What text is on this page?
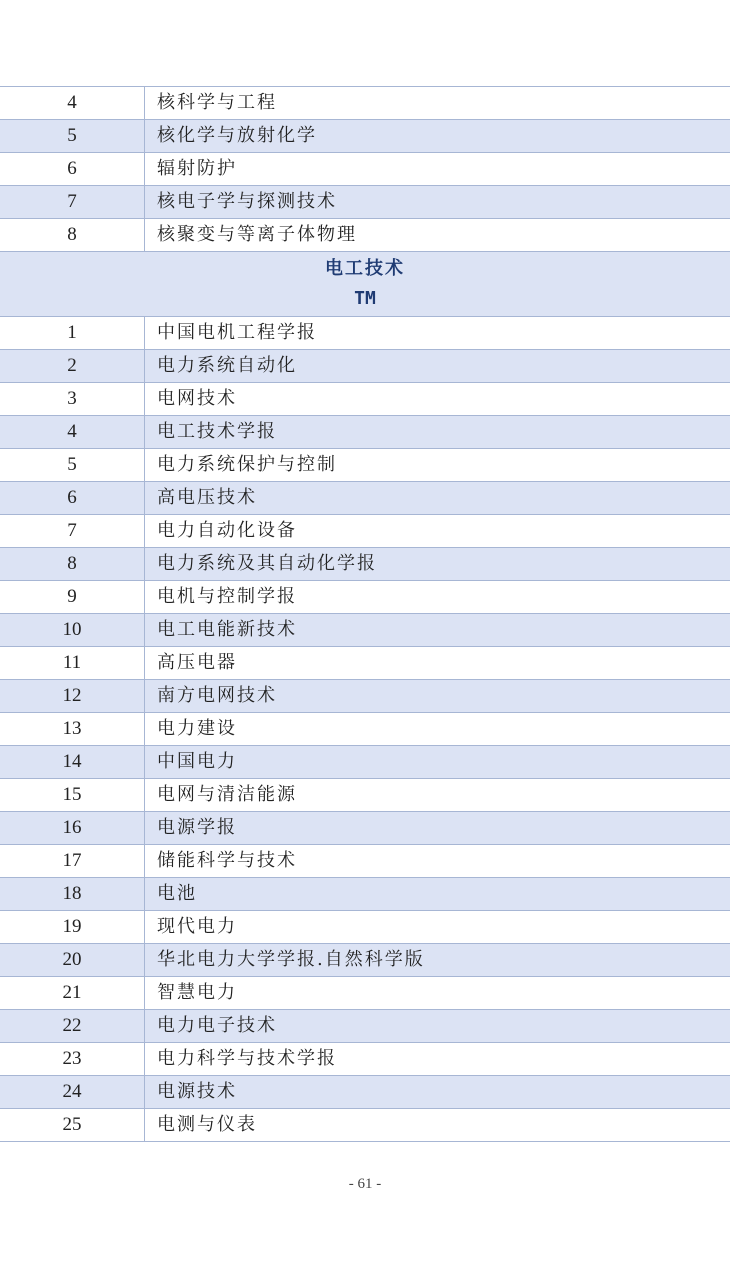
4	核科学与工程
5	核化学与放射化学
6	辐射防护
7	核电子学与探测技术
8	核聚变与等离子体物理

电工技术
TM	

1	中国电机工程学报
2	电力系统自动化
3	电网技术
4	电工技术学报
5	电力系统保护与控制
6	高电压技术
7	电力自动化设备
8	电力系统及其自动化学报
9	电机与控制学报
10	电工电能新技术
11	高压电器
12	南方电网技术
13	电力建设
14	中国电力
15	电网与清洁能源
16	电源学报
17	储能科学与技术
18	电池
19	现代电力
20	华北电力大学学报.自然科学版
21	智慧电力
22	电力电子技术
23	电力科学与技术学报
24	电源技术
25	电测与仪表
- 61 -
